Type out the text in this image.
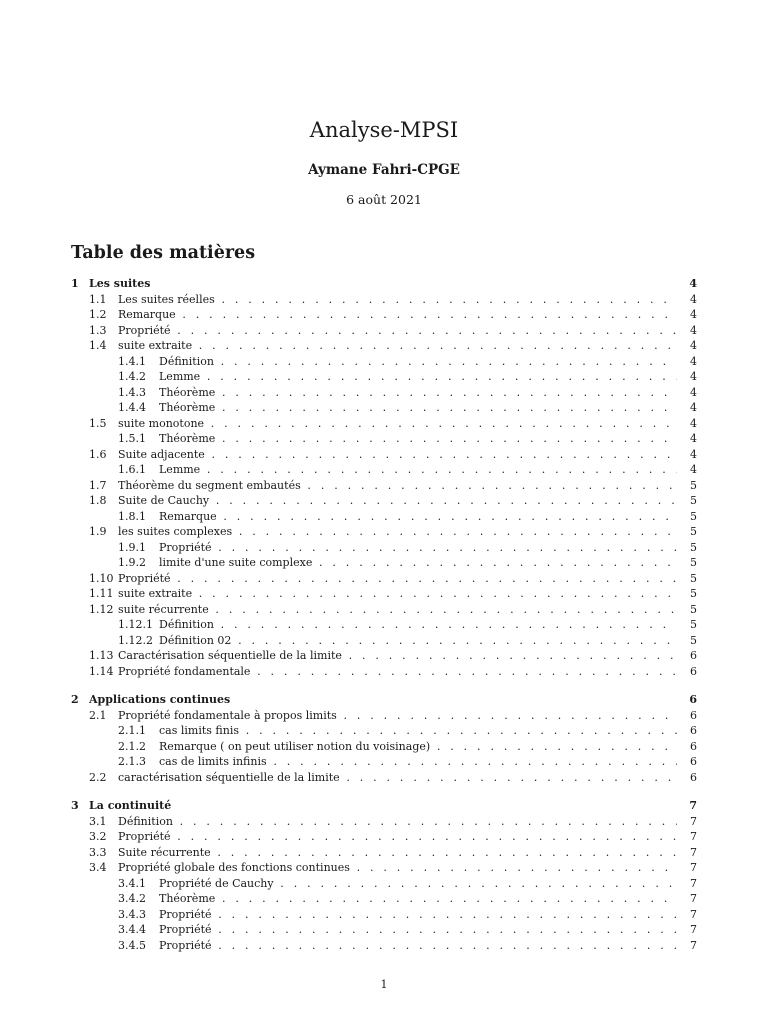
Analyse-MPSI
Aymane Fahri-CPGE
6 août 2021
Table des matières
1 Les suites	4
1.1 Les suites réelles . . .	4
1.2 Remarque . . .	4
1.3 Propriété . . .	4
1.4 suite extraite . . .	4
1.4.1 Définition . . .	4
1.4.2 Lemme . . .	4
1.4.3 Théorème . . .	4
1.4.4 Théorème . . .	4
1.5 suite monotone . . .	4
1.5.1 Théorème . . .	4
1.6 Suite adjacente . . .	4
1.6.1 Lemme . . .	4
1.7 Théorème du segment embautés . . .	5
1.8 Suite de Cauchy . . .	5
1.8.1 Remarque . . .	5
1.9 les suites complexes . . .	5
1.9.1 Propriété . . .	5
1.9.2 limite d'une suite complexe . . .	5
1.10 Propriété . . .	5
1.11 suite extraite . . .	5
1.12 suite récurrente . . .	5
1.12.1 Définition . . .	5
1.12.2 Définition 02 . . .	5
1.13 Caractérisation séquentielle de la limite . . .	6
1.14 Propriété fondamentale . . .	6
2 Applications continues	6
2.1 Propriété fondamentale à propos limits . . .	6
2.1.1 cas limits finis . . .	6
2.1.2 Remarque ( on peut utiliser notion du voisinage) . . .	6
2.1.3 cas de limits infinis . . .	6
2.2 caractérisation séquentielle de la limite . . .	6
3 La continuité	7
3.1 Définition . . .	7
3.2 Propriété . . .	7
3.3 Suite récurrente . . .	7
3.4 Propriété globale des fonctions continues . . .	7
3.4.1 Propriété de Cauchy . . .	7
3.4.2 Théorème . . .	7
3.4.3 Propriété . . .	7
3.4.4 Propriété . . .	7
3.4.5 Propriété . . .	7
1
